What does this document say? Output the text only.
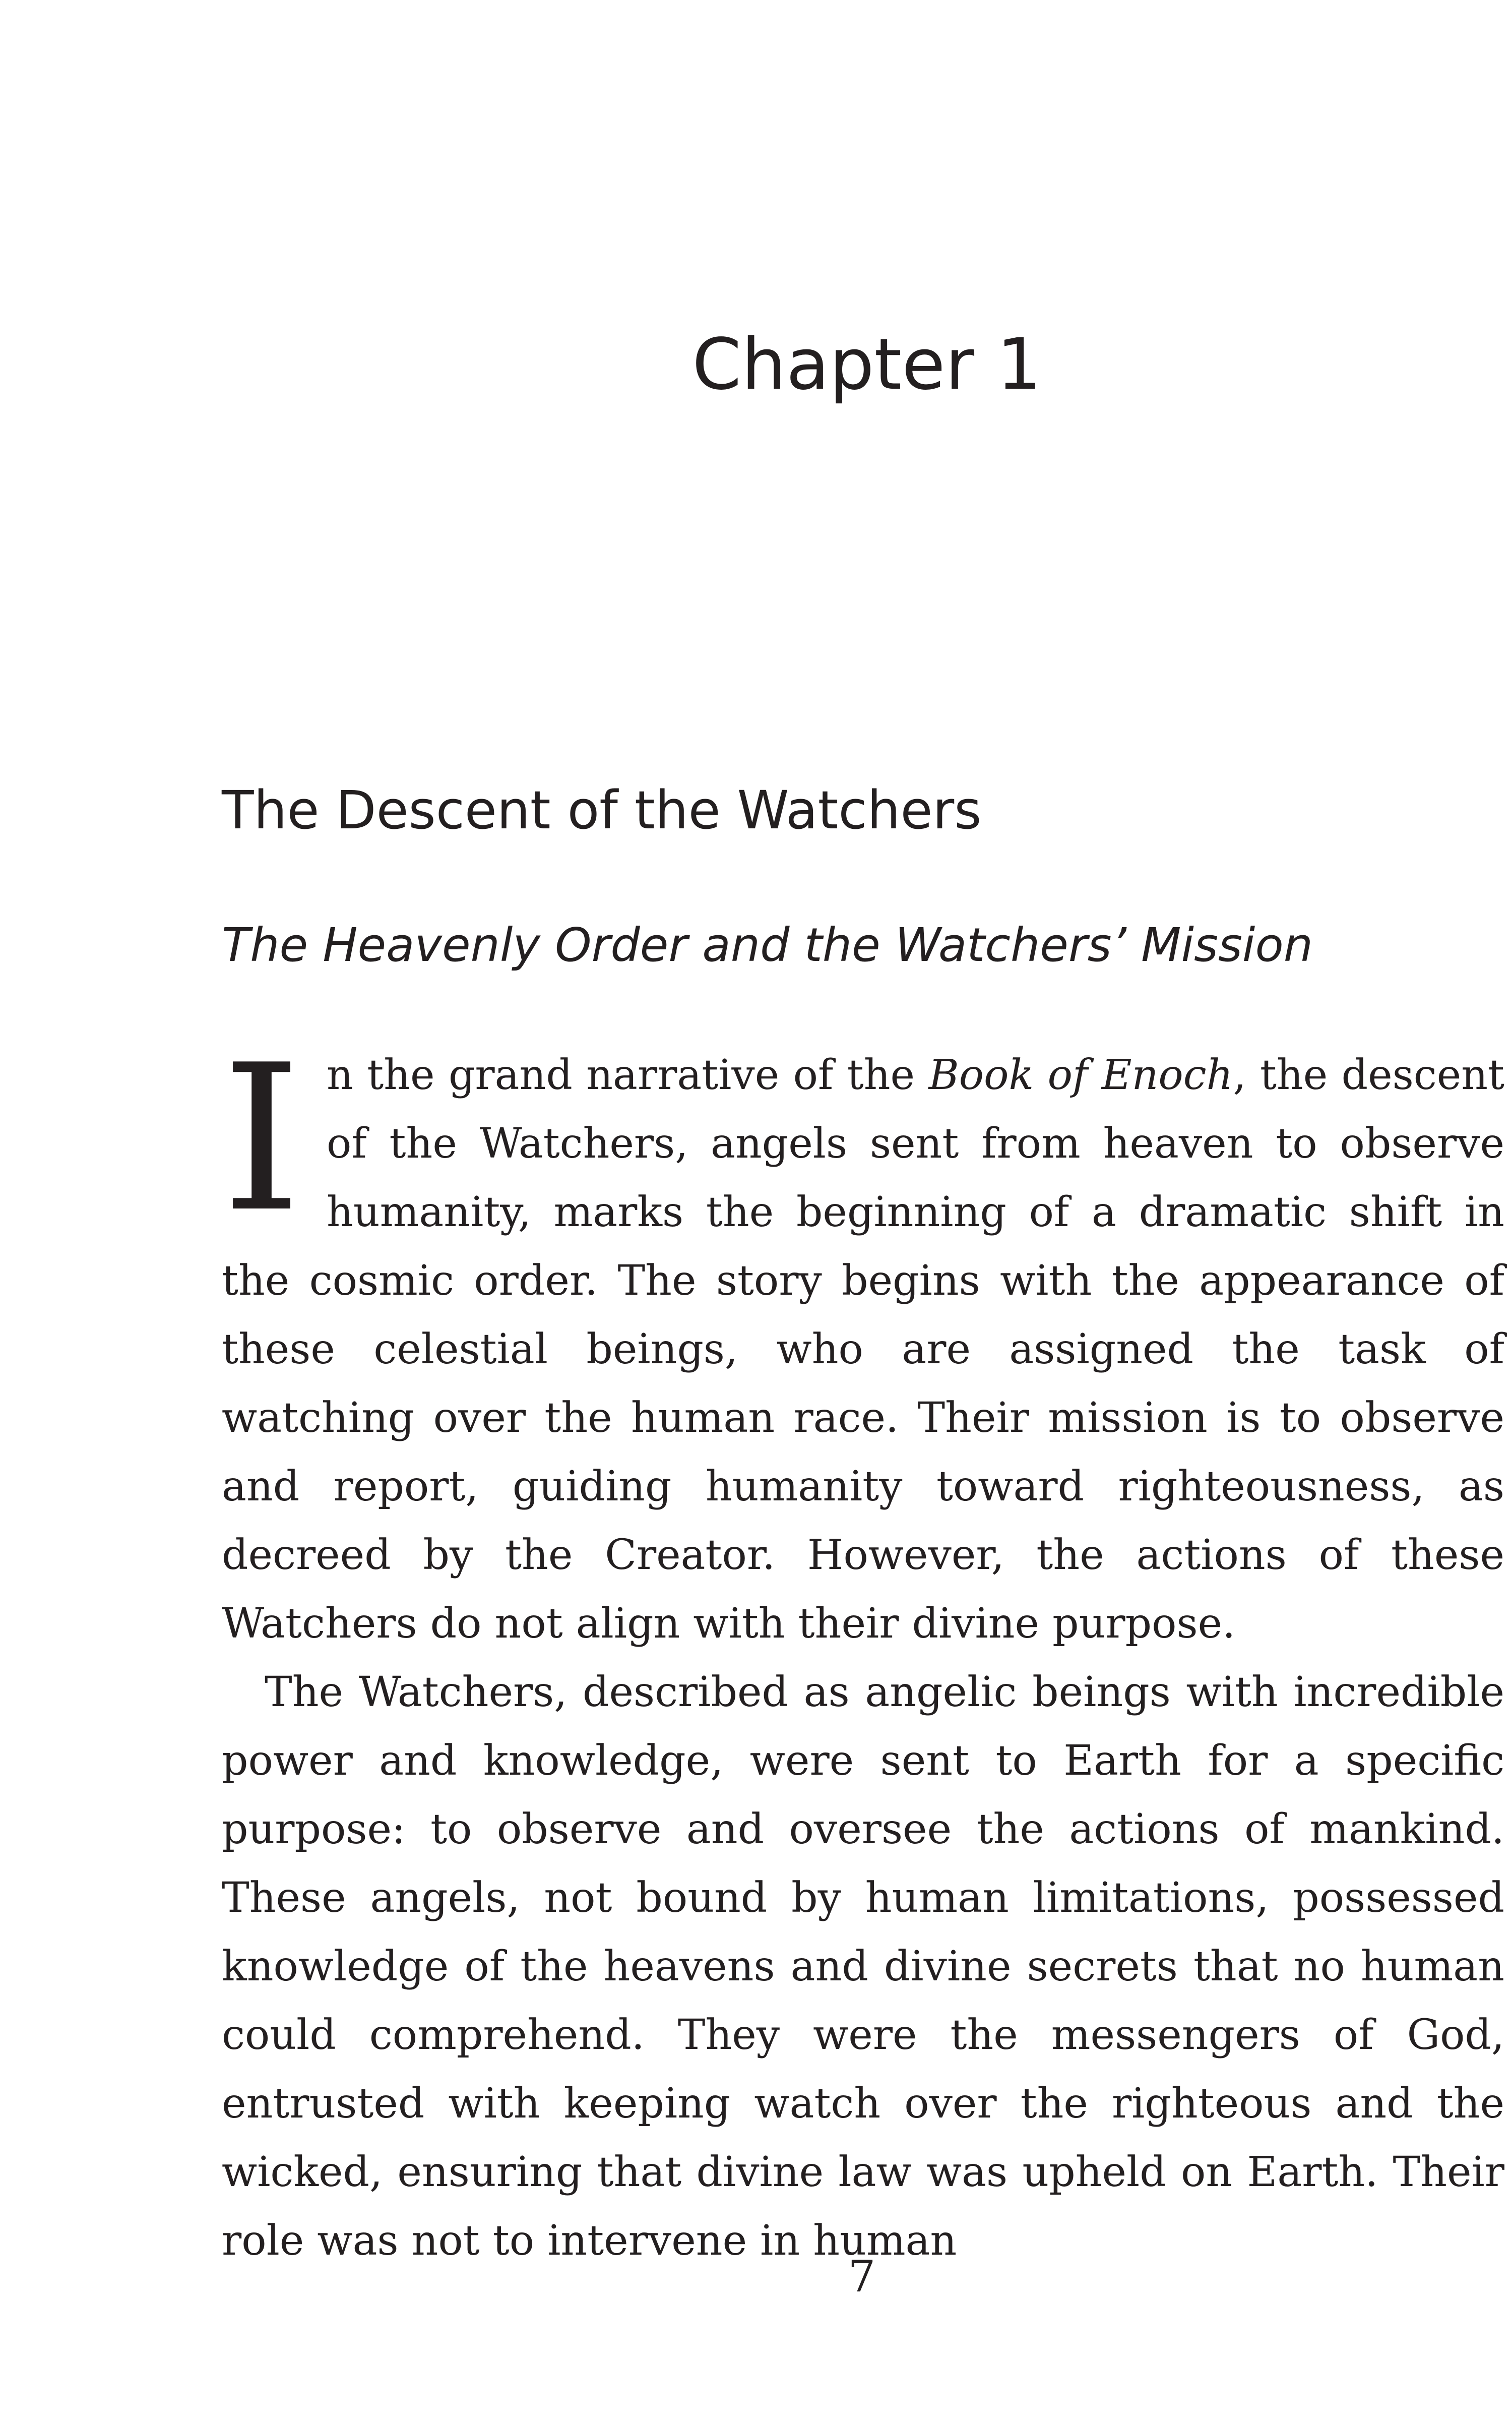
Chapter 1
The Descent of the Watchers
The Heavenly Order and the Watchers’ Mission

In the grand narrative of the Book of Enoch, the descent of the Watchers, angels sent from heaven to observe humanity, marks the beginning of a dramatic shift in the cosmic order. The story begins with the appearance of these celestial beings, who are assigned the task of watching over the human race. Their mission is to observe and report, guiding humanity toward righteousness, as decreed by the Creator. However, the actions of these Watchers do not align with their divine purpose.

The Watchers, described as angelic beings with incredible power and knowledge, were sent to Earth for a specific purpose: to observe and oversee the actions of mankind. These angels, not bound by human limitations, possessed knowledge of the heavens and divine secrets that no human could comprehend. They were the messengers of God, entrusted with keeping watch over the righteous and the wicked, ensuring that divine law was upheld on Earth. Their role was not to intervene in human

7
